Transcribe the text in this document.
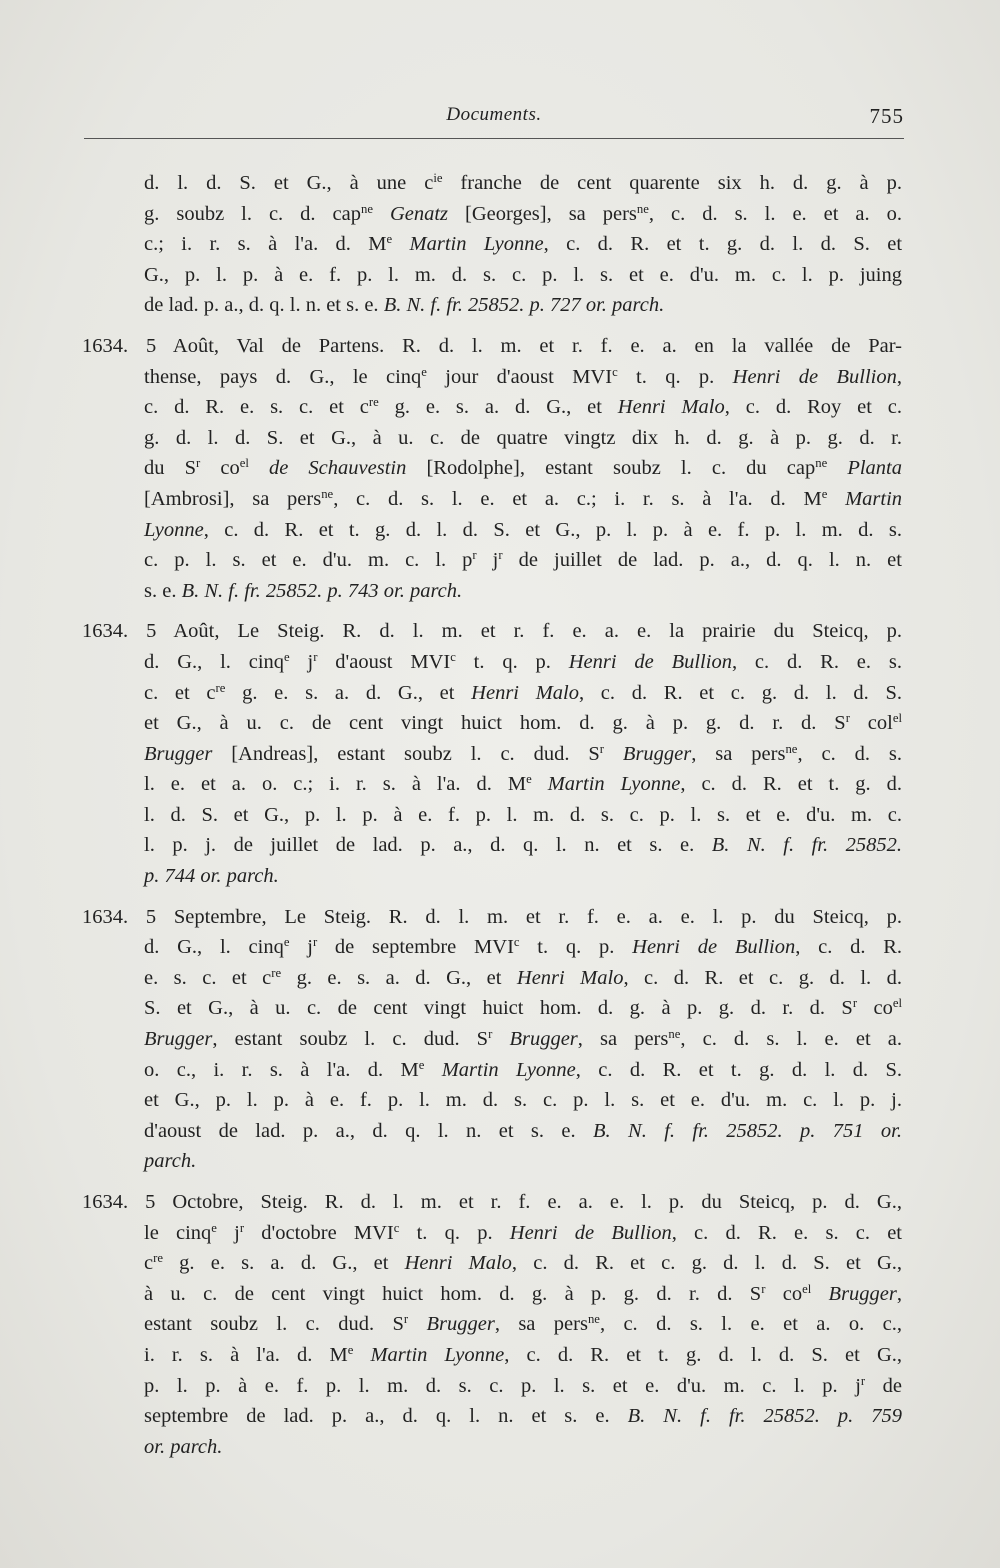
Documents.	755
d. l. d. S. et G., à une $c^{ie}$ franche de cent quarente six h. d. g. à p.
g. soubz l. c. d. cap$^{ne}$ Genatz [Georges], sa pers$^{ne}$, c. d. s. l. e. et a. o.
c.; i. r. s. à l'a. d. Me Martin Lyonne, c. d. R. et t. g. d. l. d. S. et
G., p. l. p. à e. f. p. l. m. d. s. c. p. l. s. et e. d'u. m. c. l. p. juing
de lad. p. a., d. q. l. n. et s. e. B. N. f. fr. 25852. p. 727 or. parch.
1634. 5 Août, Val de Partens. R. d. l. m. et r. f. e. a. en la vallée de Par-
thense, pays d. G., le cinq$^e$ jour d'aoust MVI$^c$ t. q. p. Henri de Bullion,
c. d. R. e. s. c. et $c^{re}$ g. e. s. a. d. G., et Henri Malo, c. d. Roy et c.
g. d. l. d. S. et G., à u. c. de quatre vingtz dix h. d. g. à p. g. d. r.
du $S^r$ $co^{el}$ de Schauvestin [Rodolphe], estant soubz l. c. du cap$^{ne}$ Planta
[Ambrosi], sa pers$^{ne}$, c. d. s. l. e. et a. c.; i. r. s. à l'a. d. Me Martin
Lyonne, c. d. R. et t. g. d. l. d. S. et G., p. l. p. à e. f. p. l. m. d. s.
c. p. l. s. et e. d'u. m. c. l. $p^r$ $j^r$ de juillet de lad. p. a., d. q. l. n. et
s. e. B. N. f. fr. 25852. p. 743 or. parch.
1634. 5 Août, Le Steig. R. d. l. m. et r. f. e. a. e. la prairie du Steicq, p.
d. G., l. cinq$^e$ $j^r$ d'aoust MVI$^c$ t. q. p. Henri de Bullion, c. d. R. e. s.
c. et $c^{re}$ g. e. s. a. d. G., et Henri Malo, c. d. R. et c. g. d. l. d. S.
et G., à u. c. de cent vingt huict hom. d. g. à p. g. d. r. d. $S^r$ col$^{el}$
Brugger [Andreas], estant soubz l. c. dud. $S^r$ Brugger, sa pers$^{ne}$, c. d. s.
l. e. et a. o. c.; i. r. s. à l'a. d. Me Martin Lyonne, c. d. R. et t. g. d.
l. d. S. et G., p. l. p. à e. f. p. l. m. d. s. c. p. l. s. et e. d'u. m. c.
l. p. j. de juillet de lad. p. a., d. q. l. n. et s. e. B. N. f. fr. 25852.
p. 744 or. parch.
1634. 5 Septembre, Le Steig. R. d. l. m. et r. f. e. a. e. l. p. du Steicq, p.
d. G., l. cinq$^e$ $j^r$ de septembre MVI$^c$ t. q. p. Henri de Bullion, c. d. R.
e. s. c. et $c^{re}$ g. e. s. a. d. G., et Henri Malo, c. d. R. et c. g. d. l. d.
S. et G., à u. c. de cent vingt huict hom. d. g. à p. g. d. r. d. $S^r$ $co^{el}$
Brugger, estant soubz l. c. dud. $S^r$ Brugger, sa pers$^{ne}$, c. d. s. l. e. et a.
o. c., i. r. s. à l'a. d. Me Martin Lyonne, c. d. R. et t. g. d. l. d. S.
et G., p. l. p. à e. f. p. l. m. d. s. c. p. l. s. et e. d'u. m. c. l. p. j.
d'aoust de lad. p. a., d. q. l. n. et s. e. B. N. f. fr. 25852. p. 751 or.
parch.
1634. 5 Octobre, Steig. R. d. l. m. et r. f. e. a. e. l. p. du Steicq, p. d. G.,
le cinq$^e$ $j^r$ d'octobre MVI$^c$ t. q. p. Henri de Bullion, c. d. R. e. s. c. et
$c^{re}$ g. e. s. a. d. G., et Henri Malo, c. d. R. et c. g. d. l. d. S. et G.,
à u. c. de cent vingt huict hom. d. g. à p. g. d. r. d. $S^r$ $co^{el}$ Brugger,
estant soubz l. c. dud. $S^r$ Brugger, sa pers$^{ne}$, c. d. s. l. e. et a. o. c.,
i. r. s. à l'a. d. Me Martin Lyonne, c. d. R. et t. g. d. l. d. S. et G.,
p. l. p. à e. f. p. l. m. d. s. c. p. l. s. et e. d'u. m. c. l. p. $j^r$ de
septembre de lad. p. a., d. q. l. n. et s. e. B. N. f. fr. 25852. p. 759
or. parch.
